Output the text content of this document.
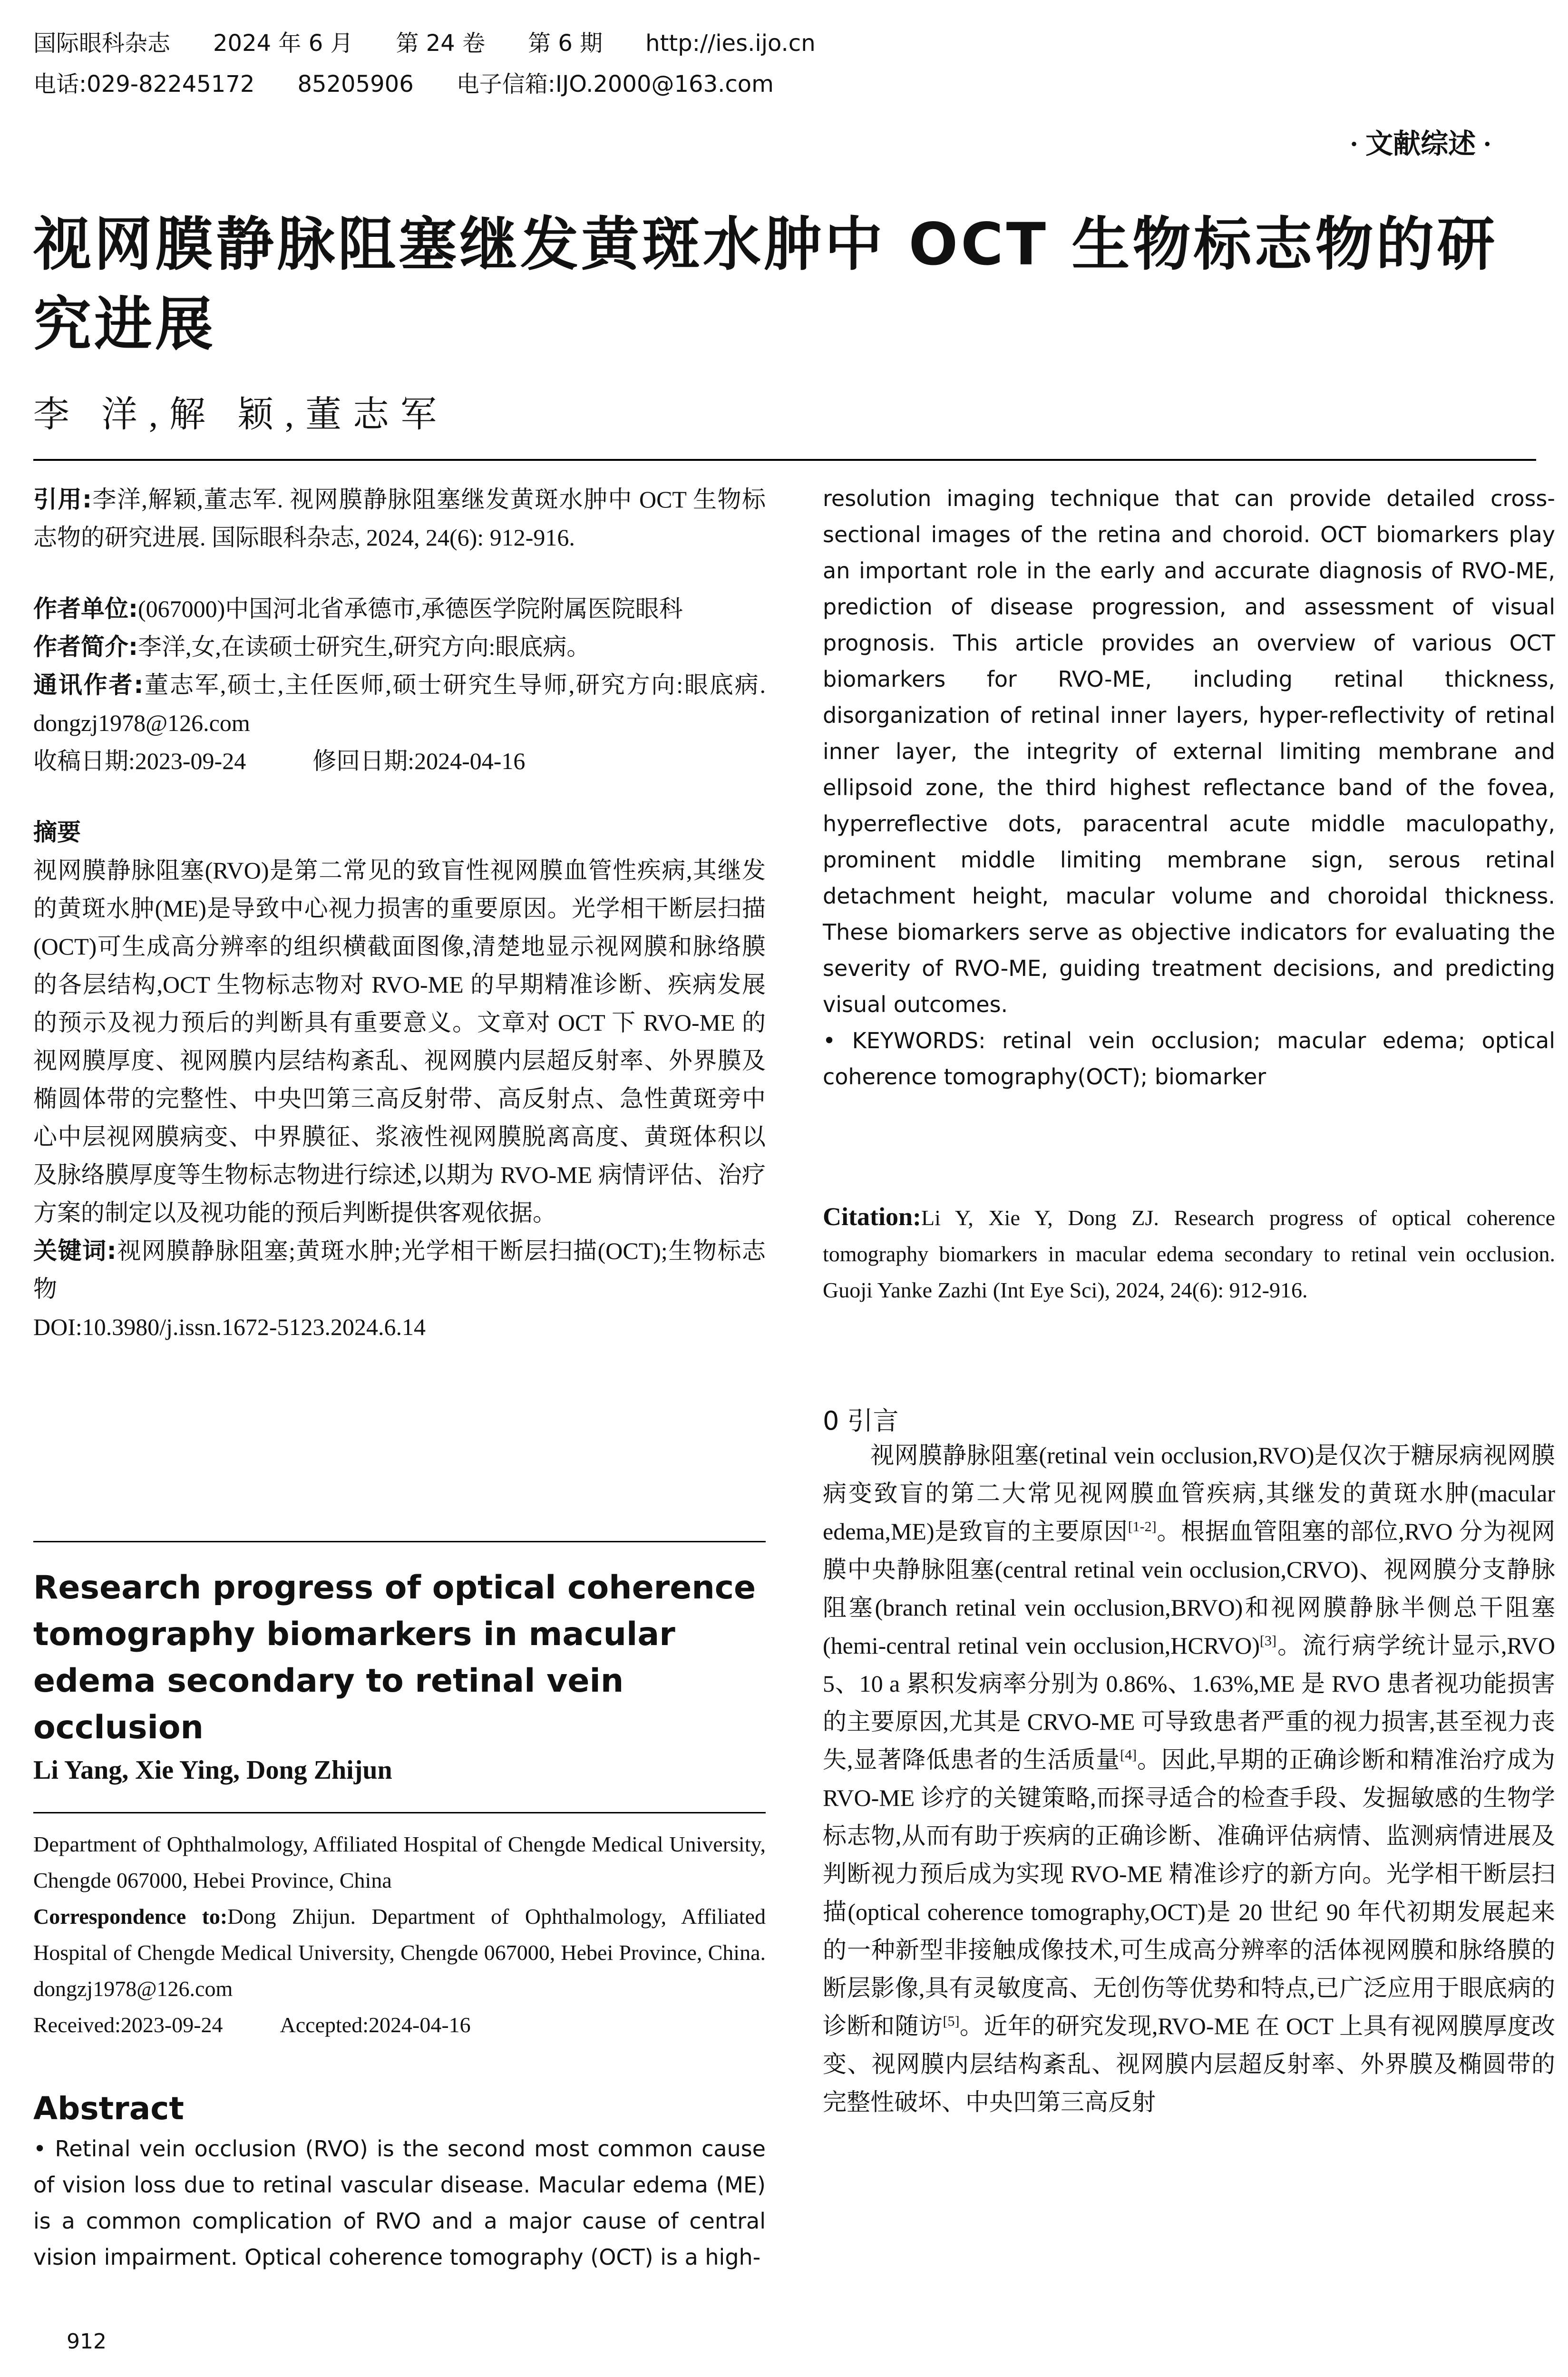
国际眼科杂志 2024 年 6 月 第 24 卷 第 6 期 http://ies.ijo.cn
电话:029-82245172 85205906 电子信箱:IJO.2000@163.com
· 文献综述 ·
视网膜静脉阻塞继发黄斑水肿中 OCT 生物标志物的研究进展
李 洋,解 颖,董志军

引用:李洋,解颖,董志军. 视网膜静脉阻塞继发黄斑水肿中 OCT 生物标志物的研究进展. 国际眼科杂志, 2024, 24(6): 912-916.

作者单位:(067000)中国河北省承德市,承德医学院附属医院眼科

作者简介:李洋,女,在读硕士研究生,研究方向:眼底病。

通讯作者:董志军,硕士,主任医师,硕士研究生导师,研究方向:眼底病. dongzj1978@126.com

收稿日期:2023-09-24	修回日期:2024-04-16

摘要

视网膜静脉阻塞(RVO)是第二常见的致盲性视网膜血管性疾病,其继发的黄斑水肿(ME)是导致中心视力损害的重要原因。光学相干断层扫描(OCT)可生成高分辨率的组织横截面图像,清楚地显示视网膜和脉络膜的各层结构,OCT 生物标志物对 RVO-ME 的早期精准诊断、疾病发展的预示及视力预后的判断具有重要意义。文章对 OCT 下 RVO-ME 的视网膜厚度、视网膜内层结构紊乱、视网膜内层超反射率、外界膜及椭圆体带的完整性、中央凹第三高反射带、高反射点、急性黄斑旁中心中层视网膜病变、中界膜征、浆液性视网膜脱离高度、黄斑体积以及脉络膜厚度等生物标志物进行综述,以期为 RVO-ME 病情评估、治疗方案的制定以及视功能的预后判断提供客观依据。

关键词:视网膜静脉阻塞;黄斑水肿;光学相干断层扫描(OCT);生物标志物

DOI:10.3980/j.issn.1672-5123.2024.6.14

Research progress of optical coherence tomography biomarkers in macular edema secondary to retinal vein occlusion
Li Yang, Xie Ying, Dong Zhijun

Department of Ophthalmology, Affiliated Hospital of Chengde Medical University, Chengde 067000, Hebei Province, China

Correspondence to:Dong Zhijun. Department of Ophthalmology, Affiliated Hospital of Chengde Medical University, Chengde 067000, Hebei Province, China. dongzj1978@126.com

Received:2023-09-24	Accepted:2024-04-16

Abstract

• Retinal vein occlusion (RVO) is the second most common cause of vision loss due to retinal vascular disease. Macular edema (ME) is a common complication of RVO and a major cause of central vision impairment. Optical coherence tomography (OCT) is a high-

912

resolution imaging technique that can provide detailed cross-sectional images of the retina and choroid. OCT biomarkers play an important role in the early and accurate diagnosis of RVO-ME, prediction of disease progression, and assessment of visual prognosis. This article provides an overview of various OCT biomarkers for RVO-ME, including retinal thickness, disorganization of retinal inner layers, hyper-reflectivity of retinal inner layer, the integrity of external limiting membrane and ellipsoid zone, the third highest reflectance band of the fovea, hyperreflective dots, paracentral acute middle maculopathy, prominent middle limiting membrane sign, serous retinal detachment height, macular volume and choroidal thickness. These biomarkers serve as objective indicators for evaluating the severity of RVO-ME, guiding treatment decisions, and predicting visual outcomes.

• KEYWORDS: retinal vein occlusion; macular edema; optical coherence tomography(OCT); biomarker

Citation:Li Y, Xie Y, Dong ZJ. Research progress of optical coherence tomography biomarkers in macular edema secondary to retinal vein occlusion. Guoji Yanke Zazhi (Int Eye Sci), 2024, 24(6): 912-916.

0 引言

视网膜静脉阻塞(retinal vein occlusion,RVO)是仅次于糖尿病视网膜病变致盲的第二大常见视网膜血管疾病,其继发的黄斑水肿(macular edema,ME)是致盲的主要原因[1-2]。根据血管阻塞的部位,RVO 分为视网膜中央静脉阻塞(central retinal vein occlusion,CRVO)、视网膜分支静脉阻塞(branch retinal vein occlusion,BRVO)和视网膜静脉半侧总干阻塞(hemi-central retinal vein occlusion,HCRVO)[3]。流行病学统计显示,RVO 5、10 a 累积发病率分别为 0.86%、1.63%,ME 是 RVO 患者视功能损害的主要原因,尤其是 CRVO-ME 可导致患者严重的视力损害,甚至视力丧失,显著降低患者的生活质量[4]。因此,早期的正确诊断和精准治疗成为 RVO-ME 诊疗的关键策略,而探寻适合的检查手段、发掘敏感的生物学标志物,从而有助于疾病的正确诊断、准确评估病情、监测病情进展及判断视力预后成为实现 RVO-ME 精准诊疗的新方向。光学相干断层扫描(optical coherence tomography,OCT)是 20 世纪 90 年代初期发展起来的一种新型非接触成像技术,可生成高分辨率的活体视网膜和脉络膜的断层影像,具有灵敏度高、无创伤等优势和特点,已广泛应用于眼底病的诊断和随访[5]。近年的研究发现,RVO-ME 在 OCT 上具有视网膜厚度改变、视网膜内层结构紊乱、视网膜内层超反射率、外界膜及椭圆带的完整性破坏、中央凹第三高反射
